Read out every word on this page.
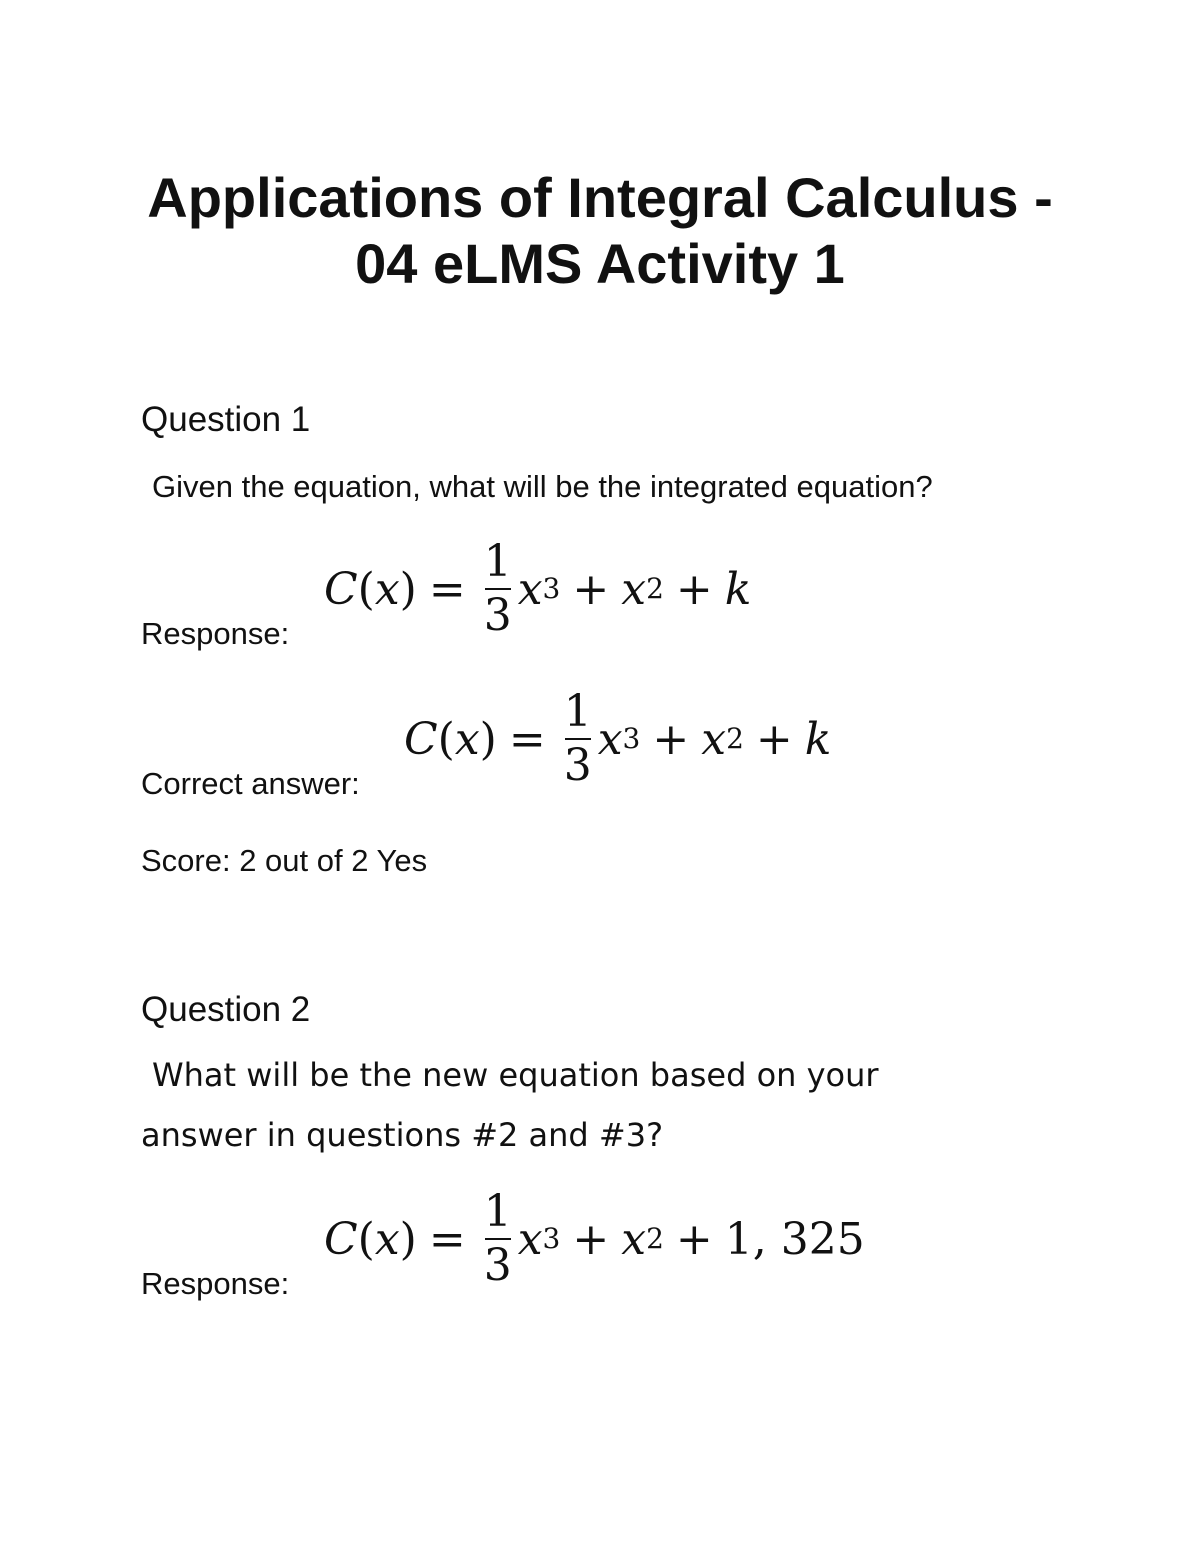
Applications of Integral Calculus -
04 eLMS Activity 1
Question 1
Given the equation, what will be the integrated equation?
Response:
C ( x ) = $\frac{1}{3}$ x 3 + x 2 + k
Correct answer:
C ( x ) = $\frac{1}{3}$ x 3 + x 2 + k
Score: 2 out of 2 Yes
Question 2
What will be the new equation based on your
answer in questions #2 and #3?
Response:
C ( x ) = $\frac{1}{3}$ x 3 + x 2 + 1, 325
